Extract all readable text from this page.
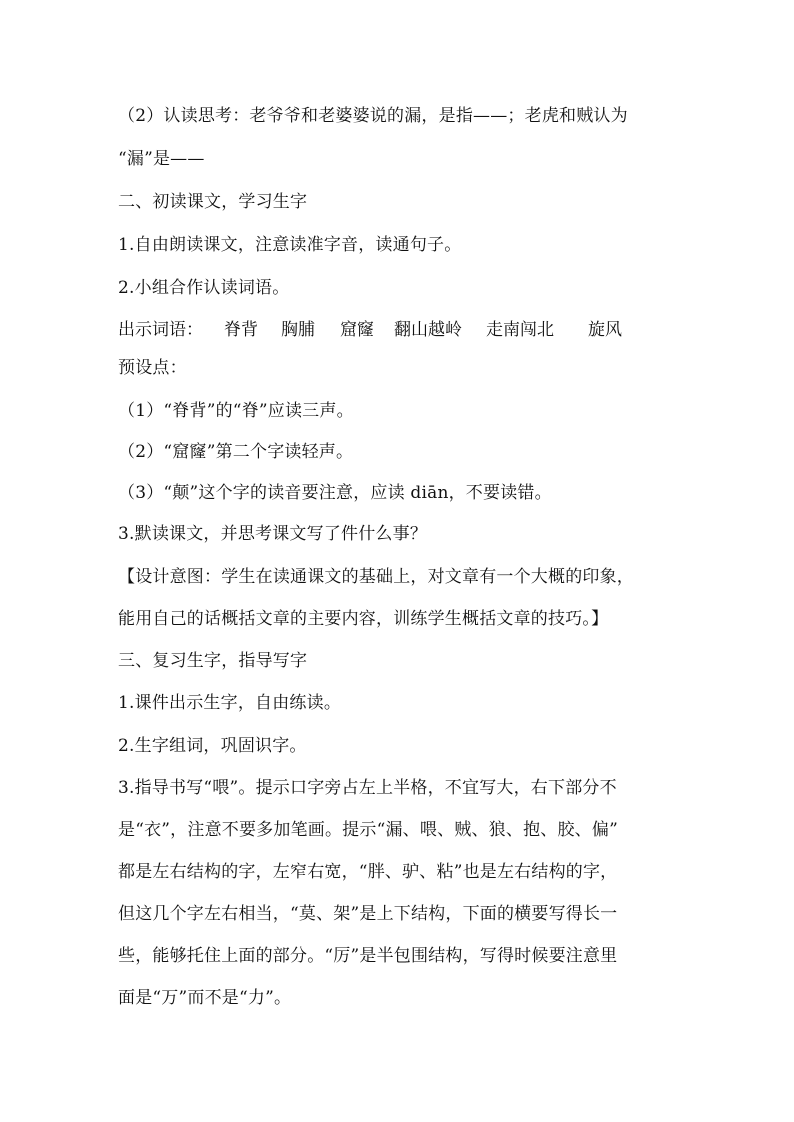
（2）认读思考：老爷爷和老婆婆说的漏，是指——；老虎和贼认为
“漏”是——
二、初读课文，学习生字
1.自由朗读课文，注意读准字音，读通句子。
2.小组合作认读词语。
出示词语： 脊背 胸脯 窟窿 翻山越岭 走南闯北 旋风
预设点：
（1）“脊背”的“脊”应读三声。
（2）“窟窿”第二个字读轻声。
（3）“颠”这个字的读音要注意，应读 diān，不要读错。
3.默读课文，并思考课文写了件什么事？
【设计意图：学生在读通课文的基础上，对文章有一个大概的印象，
能用自己的话概括文章的主要内容，训练学生概括文章的技巧。】
三、复习生字，指导写字
1.课件出示生字，自由练读。
2.生字组词，巩固识字。
3.指导书写“喂”。提示口字旁占左上半格，不宜写大，右下部分不
是“衣”，注意不要多加笔画。提示“漏、喂、贼、狼、抱、胶、偏”
都是左右结构的字，左窄右宽，“胖、驴、粘”也是左右结构的字，
但这几个字左右相当，“莫、架”是上下结构，下面的横要写得长一
些，能够托住上面的部分。“厉”是半包围结构，写得时候要注意里
面是“万”而不是“力”。
